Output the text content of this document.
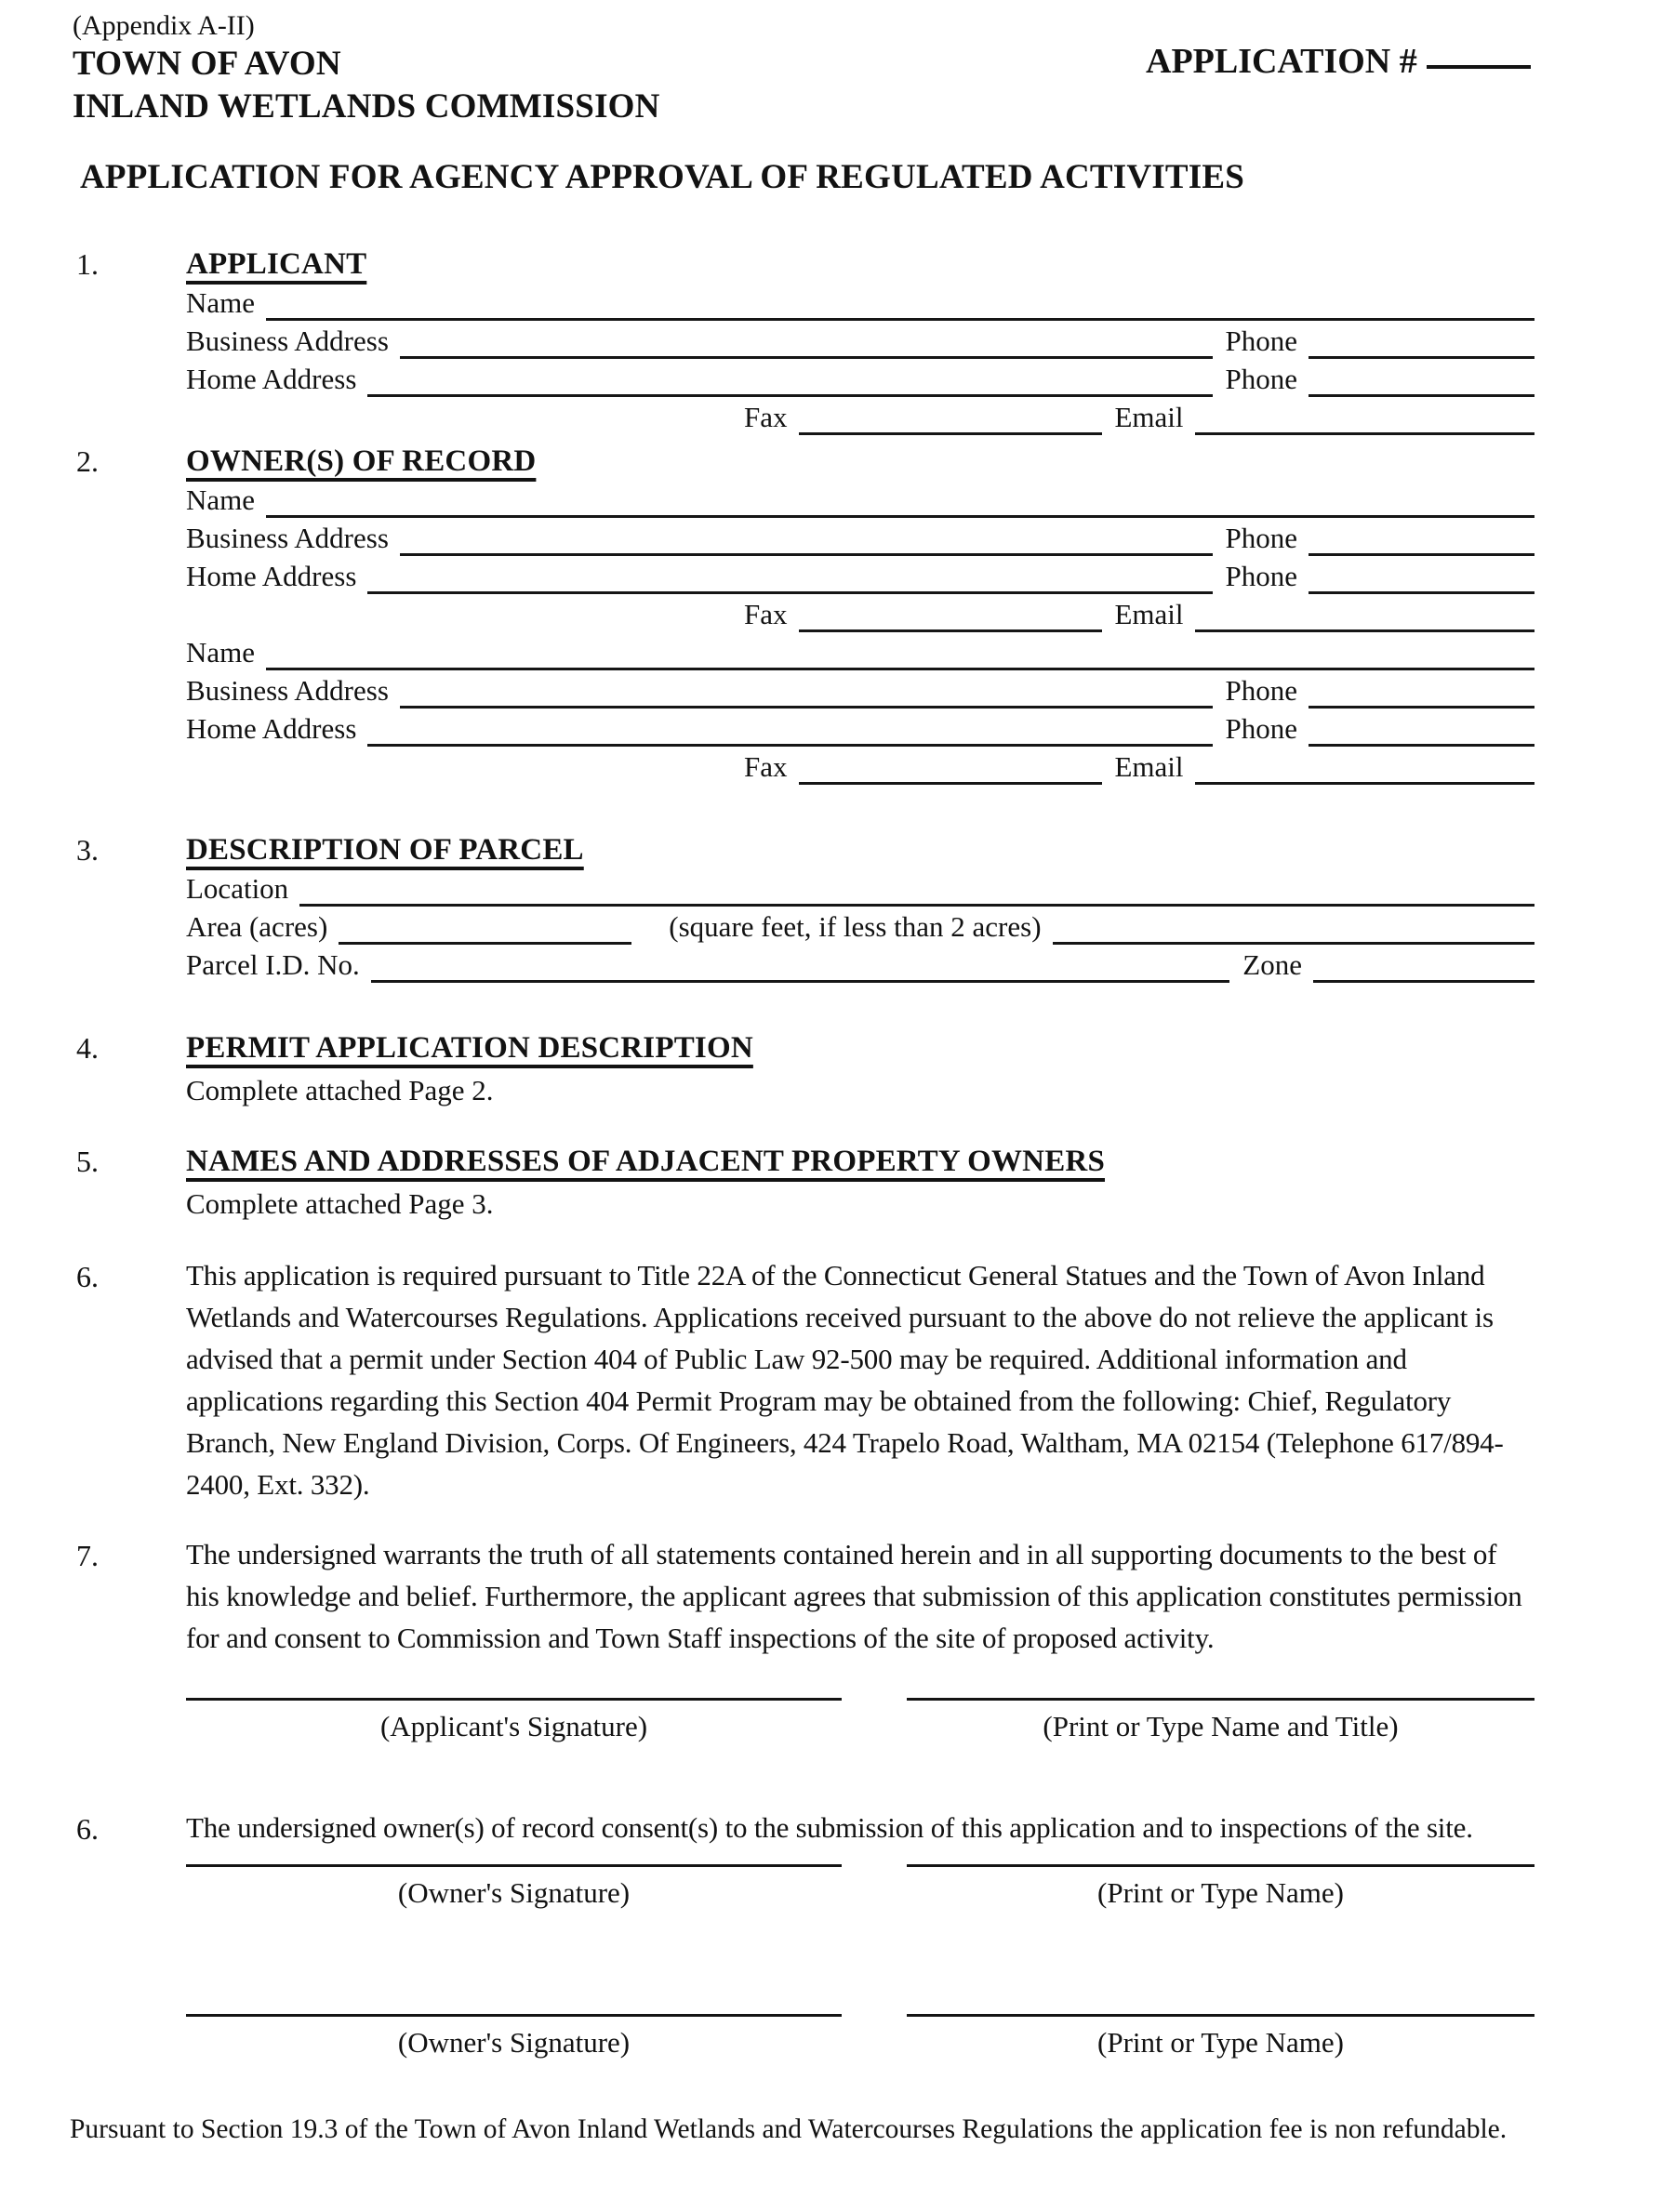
(Appendix A-II)
TOWN OF AVON
INLAND WETLANDS COMMISSION
APPLICATION #
APPLICATION FOR AGENCY APPROVAL OF REGULATED ACTIVITIES
1.	APPLICANT
Name
Business Address	Phone
Home Address	Phone
Fax	Email
2.	OWNER(S) OF RECORD
Name
Business Address	Phone
Home Address	Phone
Fax	Email
Name
Business Address	Phone
Home Address	Phone
Fax	Email
3.	DESCRIPTION OF PARCEL
Location
Area (acres)	(square feet, if less than 2 acres)
Parcel I.D. No.	Zone
4.	PERMIT APPLICATION DESCRIPTION
Complete attached Page 2.
5.	NAMES AND ADDRESSES OF ADJACENT PROPERTY OWNERS
Complete attached Page 3.
6.	This application is required pursuant to Title 22A of the Connecticut General Statues and the Town of Avon Inland Wetlands and Watercourses Regulations. Applications received pursuant to the above do not relieve the applicant is advised that a permit under Section 404 of Public Law 92-500 may be required. Additional information and applications regarding this Section 404 Permit Program may be obtained from the following: Chief, Regulatory Branch, New England Division, Corps. Of Engineers, 424 Trapelo Road, Waltham, MA 02154 (Telephone 617/894-2400, Ext. 332).
7.	The undersigned warrants the truth of all statements contained herein and in all supporting documents to the best of his knowledge and belief. Furthermore, the applicant agrees that submission of this application constitutes permission for and consent to Commission and Town Staff inspections of the site of proposed activity.
(Applicant's Signature)	(Print or Type Name and Title)
6.	The undersigned owner(s) of record consent(s) to the submission of this application and to inspections of the site.
(Owner's Signature)	(Print or Type Name)
(Owner's Signature)	(Print or Type Name)
Pursuant to Section 19.3 of the Town of Avon Inland Wetlands and Watercourses Regulations the application fee is non refundable.
